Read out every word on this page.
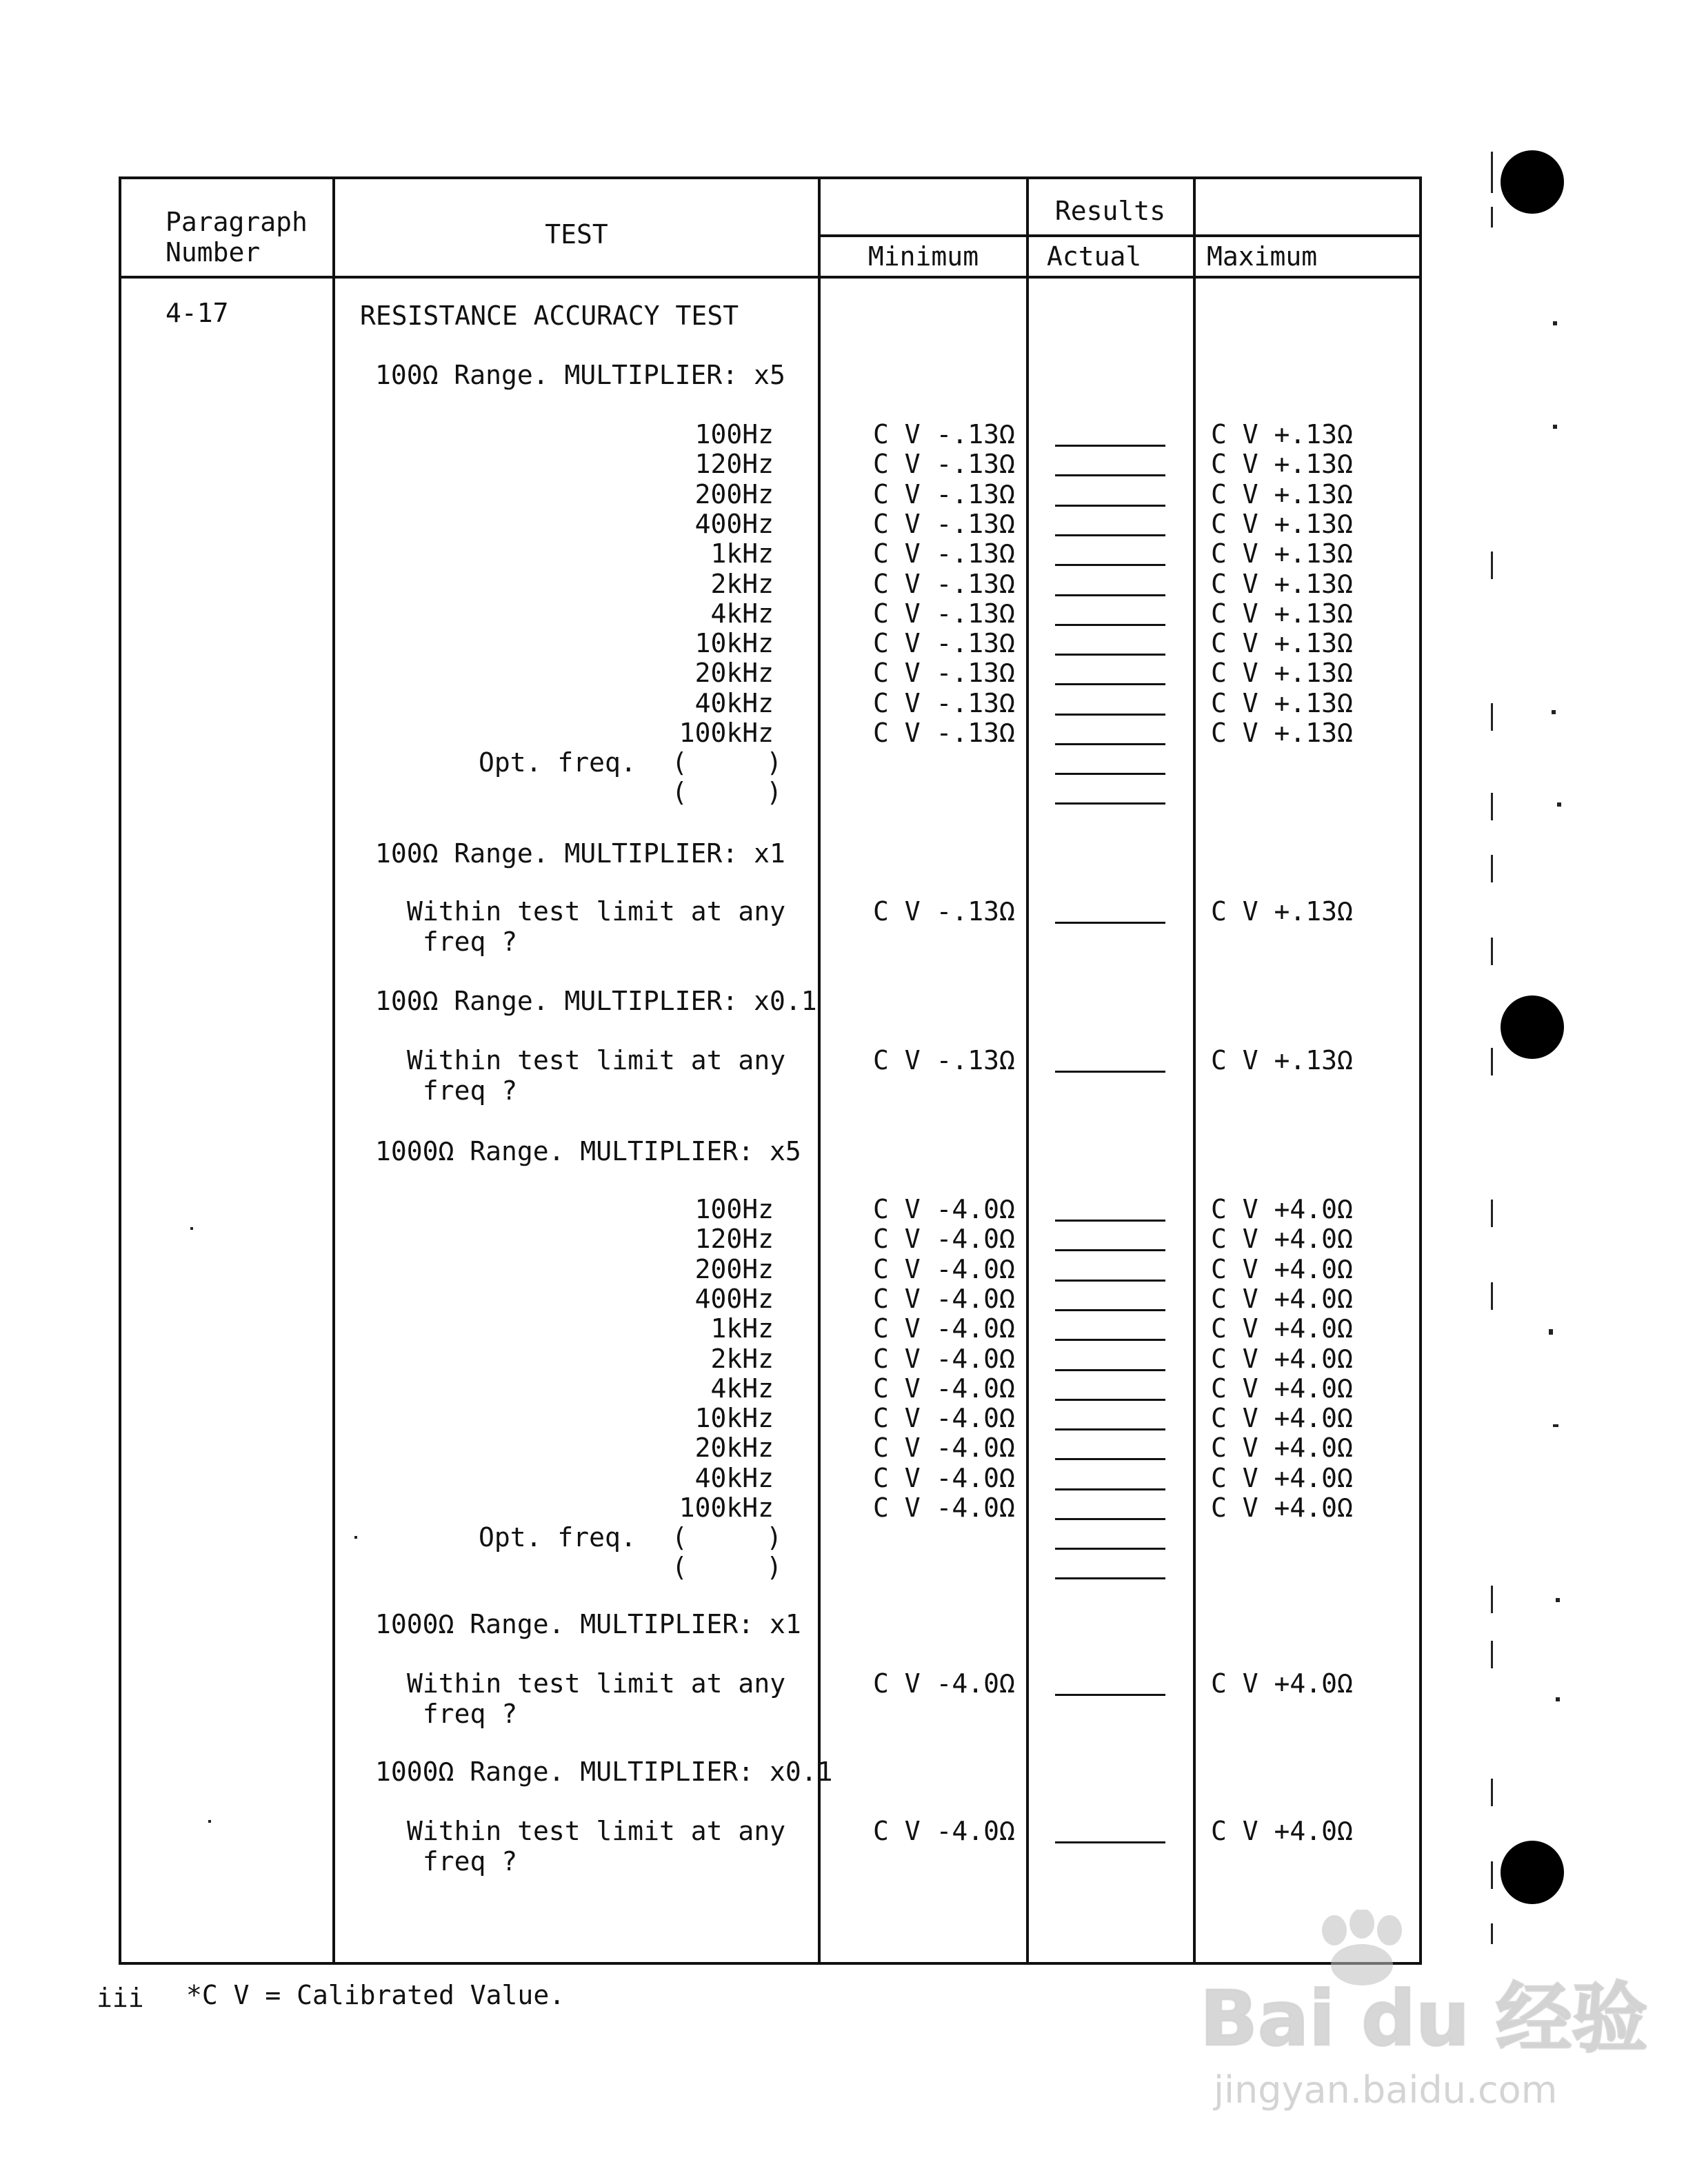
Paragraph
Number
TEST
Results
Minimum	Actual Maximum
4-17	RESISTANCE ACCURACY TEST
100Ω Range. MULTIPLIER: x5
100Hz	C V -.13Ω	C V +.13Ω
120Hz	C V -.13Ω	C V +.13Ω
200Hz	C V -.13Ω	C V +.13Ω
400Hz	C V -.13Ω	C V +.13Ω
1kHz	C V -.13Ω	C V +.13Ω
2kHz	C V -.13Ω	C V +.13Ω
4kHz	C V -.13Ω	C V +.13Ω
10kHz	C V -.13Ω	C V +.13Ω
20kHz	C V -.13Ω	C V +.13Ω
40kHz	C V -.13Ω	C V +.13Ω
100kHz	C V -.13Ω	C V +.13Ω
Opt. freq. (     )
(     )
100Ω Range. MULTIPLIER: x1
Within test limit at any
freq ?
C V -.13Ω	C V +.13Ω
100Ω Range. MULTIPLIER: x0.1
Within test limit at any
freq ?
C V -.13Ω	C V +.13Ω
1000Ω Range. MULTIPLIER: x5
100Hz	C V -4.0Ω	C V +4.0Ω
120Hz	C V -4.0Ω	C V +4.0Ω
200Hz	C V -4.0Ω	C V +4.0Ω
400Hz	C V -4.0Ω	C V +4.0Ω
1kHz	C V -4.0Ω	C V +4.0Ω
2kHz	C V -4.0Ω	C V +4.0Ω
4kHz	C V -4.0Ω	C V +4.0Ω
10kHz	C V -4.0Ω	C V +4.0Ω
20kHz	C V -4.0Ω	C V +4.0Ω
40kHz	C V -4.0Ω	C V +4.0Ω
100kHz	C V -4.0Ω	C V +4.0Ω
Opt. freq. (     )
(     )
1000Ω Range. MULTIPLIER: x1
Within test limit at any
freq ?
C V -4.0Ω	C V +4.0Ω
1000Ω Range. MULTIPLIER: x0.1
Within test limit at any
freq ?
C V -4.0Ω	C V +4.0Ω
iii *C V = Calibrated Value.	Bai du 经验
jingyan.baidu.com
